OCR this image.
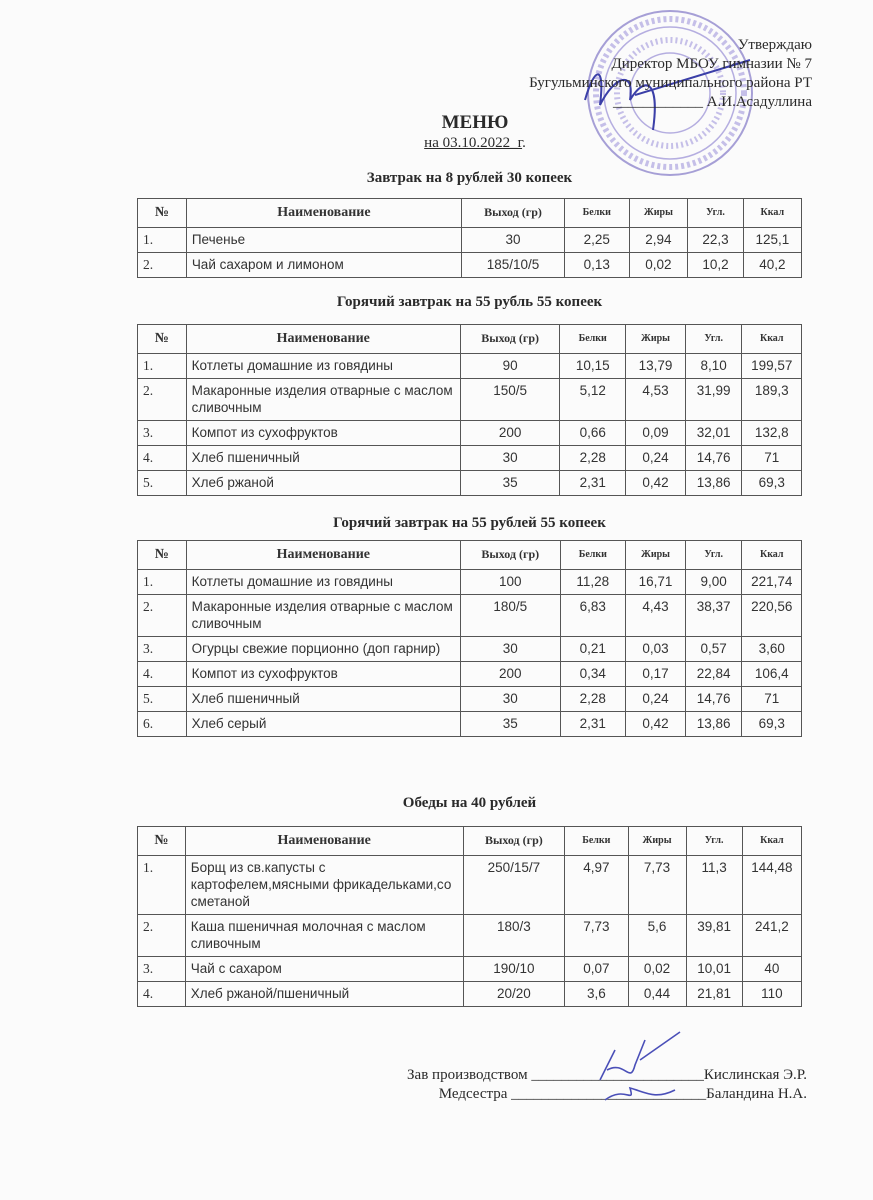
Утверждаю
Директор МБОУ гимназии № 7
Бугульминского муниципального района РТ
____________ А.И.Асадуллина
МЕНЮ
на 03.10.2022_г.
Завтрак на 8 рублей 30 копеек
№	Наименование	Выход (гр)	Белки	Жиры	Угл.	Ккал
1.	Печенье	30	2,25	2,94	22,3	125,1
2.	Чай сахаром и лимоном	185/10/5	0,13	0,02	10,2	40,2
Горячий завтрак на 55 рубль 55 копеек
№	Наименование	Выход (гр)	Белки	Жиры	Угл.	Ккал
1.	Котлеты домашние из говядины	90	10,15	13,79	8,10	199,57
2.	Макаронные изделия отварные с маслом сливочным	150/5	5,12	4,53	31,99	189,3
3.	Компот из сухофруктов	200	0,66	0,09	32,01	132,8
4.	Хлеб пшеничный	30	2,28	0,24	14,76	71
5.	Хлеб ржаной	35	2,31	0,42	13,86	69,3
Горячий завтрак на 55 рублей 55 копеек
№	Наименование	Выход (гр)	Белки	Жиры	Угл.	Ккал
1.	Котлеты домашние из говядины	100	11,28	16,71	9,00	221,74
2.	Макаронные изделия отварные с маслом сливочным	180/5	6,83	4,43	38,37	220,56
3.	Огурцы свежие порционно (доп гарнир)	30	0,21	0,03	0,57	3,60
4.	Компот из сухофруктов	200	0,34	0,17	22,84	106,4
5.	Хлеб пшеничный	30	2,28	0,24	14,76	71
6.	Хлеб серый	35	2,31	0,42	13,86	69,3
Обеды на 40 рублей
№	Наименование	Выход (гр)	Белки	Жиры	Угл.	Ккал
1.	Борщ из св.капусты с картофелем,мясными фрикадельками,со сметаной	250/15/7	4,97	7,73	11,3	144,48
2.	Каша пшеничная молочная с маслом сливочным	180/3	7,73	5,6	39,81	241,2
3.	Чай с сахаром	190/10	0,07	0,02	10,01	40
4.	Хлеб ржаной/пшеничный	20/20	3,6	0,44	21,81	110
Зав производством _______________________Кислинская Э.Р.
Медсестра __________________________Баландина Н.А.
